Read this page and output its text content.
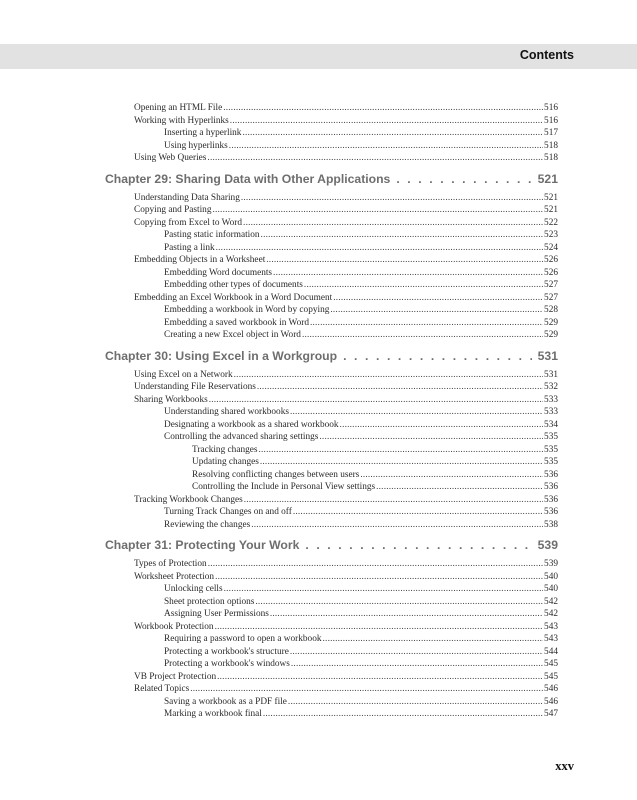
Contents
Opening an HTML File .....	516
Working with Hyperlinks .....	516
Inserting a hyperlink .....	517
Using hyperlinks .....	518
Using Web Queries .....	518
Chapter 29: Sharing Data with Other Applications . . .	521
Understanding Data Sharing .....	521
Copying and Pasting .....	521
Copying from Excel to Word .....	522
Pasting static information .....	523
Pasting a link .....	524
Embedding Objects in a Worksheet .....	526
Embedding Word documents .....	526
Embedding other types of documents .....	527
Embedding an Excel Workbook in a Word Document .....	527
Embedding a workbook in Word by copying .....	528
Embedding a saved workbook in Word .....	529
Creating a new Excel object in Word .....	529
Chapter 30: Using Excel in a Workgroup . . .	531
Using Excel on a Network .....	531
Understanding File Reservations .....	532
Sharing Workbooks .....	533
Understanding shared workbooks .....	533
Designating a workbook as a shared workbook .....	534
Controlling the advanced sharing settings .....	535
Tracking changes .....	535
Updating changes .....	535
Resolving conflicting changes between users .....	536
Controlling the Include in Personal View settings .....	536
Tracking Workbook Changes .....	536
Turning Track Changes on and off .....	536
Reviewing the changes .....	538
Chapter 31: Protecting Your Work . . .	539
Types of Protection .....	539
Worksheet Protection .....	540
Unlocking cells .....	540
Sheet protection options .....	542
Assigning User Permissions .....	542
Workbook Protection .....	543
Requiring a password to open a workbook .....	543
Protecting a workbook's structure .....	544
Protecting a workbook's windows .....	545
VB Project Protection .....	545
Related Topics .....	546
Saving a workbook as a PDF file .....	546
Marking a workbook final .....	547
xxv
